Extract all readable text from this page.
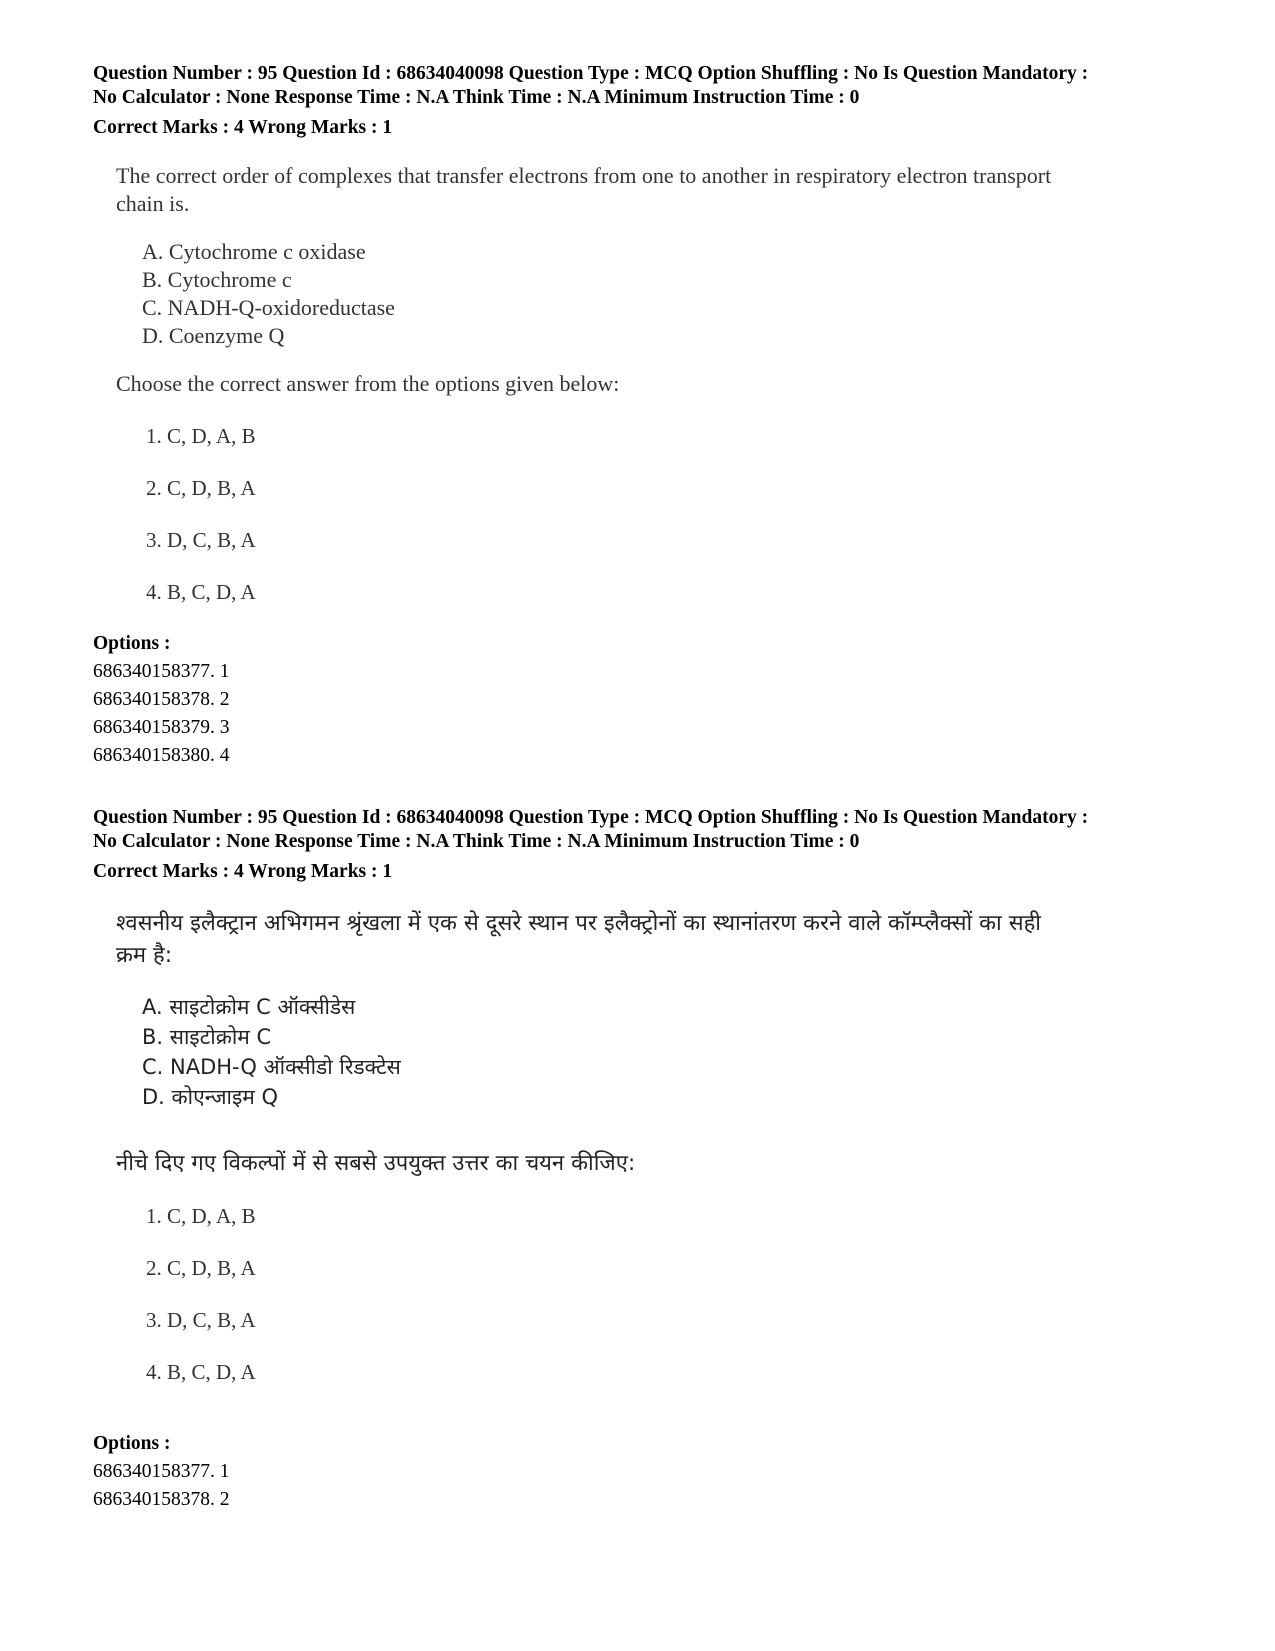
Question Number : 95 Question Id : 68634040098 Question Type : MCQ Option Shuffling : No Is Question Mandatory :

No Calculator : None Response Time : N.A Think Time : N.A Minimum Instruction Time : 0

Correct Marks : 4 Wrong Marks : 1

The correct order of complexes that transfer electrons from one to another in respiratory electron transport

chain is.

A. Cytochrome c oxidase

B. Cytochrome c

C. NADH-Q-oxidoreductase

D. Coenzyme Q

Choose the correct answer from the options given below:

1. C, D, A, B

2. C, D, B, A

3. D, C, B, A

4. B, C, D, A

Options :
686340158377. 1
686340158378. 2
686340158379. 3
686340158380. 4

Question Number : 95 Question Id : 68634040098 Question Type : MCQ Option Shuffling : No Is Question Mandatory :

No Calculator : None Response Time : N.A Think Time : N.A Minimum Instruction Time : 0

Correct Marks : 4 Wrong Marks : 1

श्वसनीय इलैक्ट्रान अभिगमन श्रृंखला में एक से दूसरे स्थान पर इलैक्ट्रोनों का स्थानांतरण करने वाले कॉम्प्लैक्सों का सही

क्रम है:

A. साइटोक्रोम C ऑक्सीडेस

B. साइटोक्रोम C

C. NADH-Q ऑक्सीडो रिडक्टेस

D. कोएन्जाइम Q

नीचे दिए गए विकल्पों में से सबसे उपयुक्त उत्तर का चयन कीजिए:

1. C, D, A, B

2. C, D, B, A

3. D, C, B, A

4. B, C, D, A

Options :
686340158377. 1
686340158378. 2
